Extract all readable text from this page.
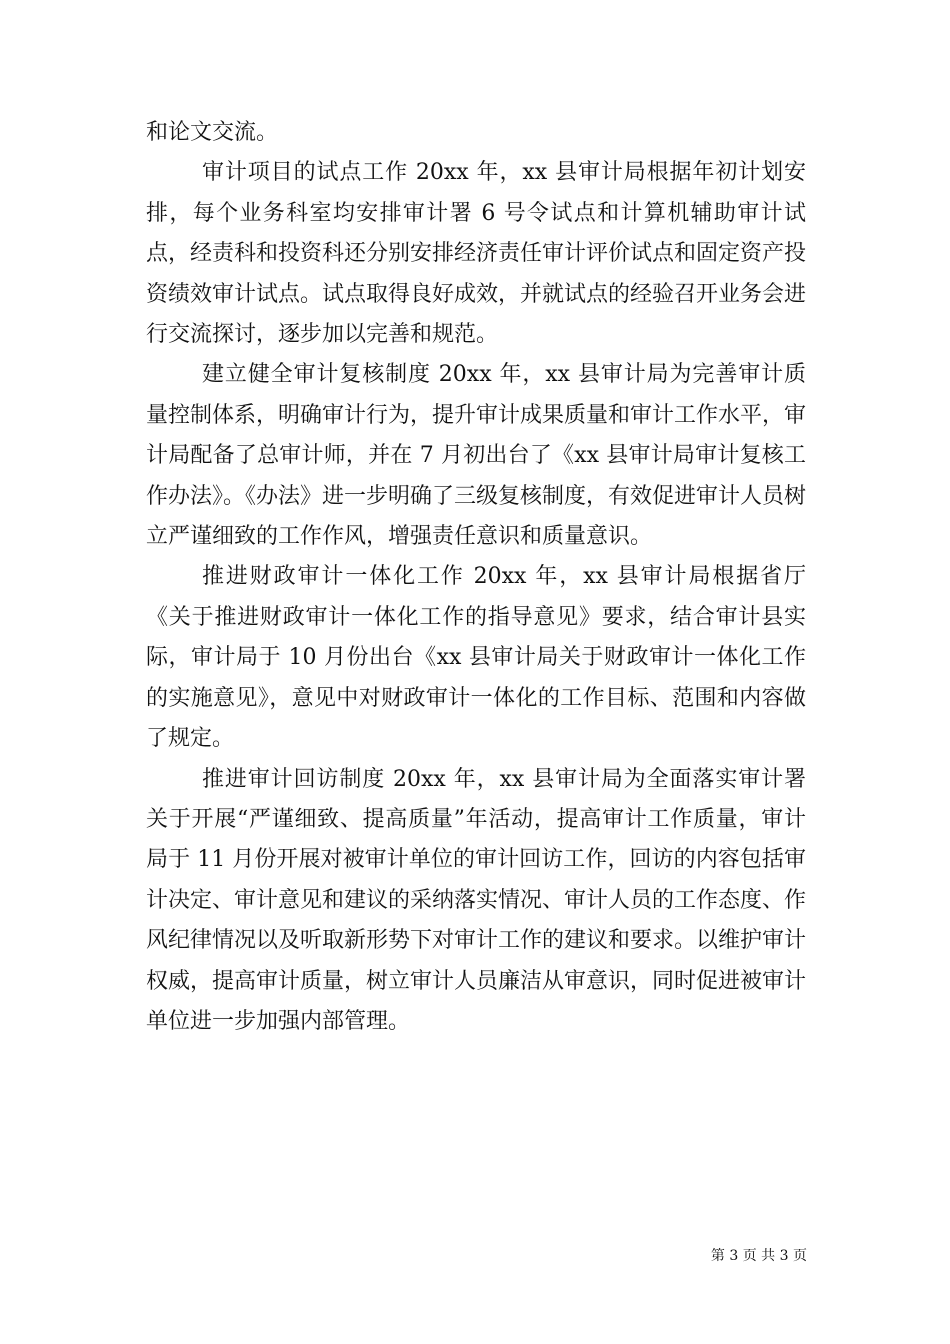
和论文交流。

审计项目的试点工作 20xx 年，xx 县审计局根据年初计划安排，每个业务科室均安排审计署 6 号令试点和计算机辅助审计试点，经责科和投资科还分别安排经济责任审计评价试点和固定资产投资绩效审计试点。试点取得良好成效，并就试点的经验召开业务会进行交流探讨，逐步加以完善和规范。

建立健全审计复核制度 20xx 年，xx 县审计局为完善审计质量控制体系，明确审计行为，提升审计成果质量和审计工作水平，审计局配备了总审计师，并在 7 月初出台了《xx 县审计局审计复核工作办法》。《办法》进一步明确了三级复核制度，有效促进审计人员树立严谨细致的工作作风，增强责任意识和质量意识。

推进财政审计一体化工作 20xx 年，xx 县审计局根据省厅《关于推进财政审计一体化工作的指导意见》要求，结合审计县实际，审计局于 10 月份出台《xx 县审计局关于财政审计一体化工作的实施意见》，意见中对财政审计一体化的工作目标、范围和内容做了规定。

推进审计回访制度 20xx 年，xx 县审计局为全面落实审计署关于开展“严谨细致、提高质量”年活动，提高审计工作质量，审计局于 11 月份开展对被审计单位的审计回访工作，回访的内容包括审计决定、审计意见和建议的采纳落实情况、审计人员的工作态度、作风纪律情况以及听取新形势下对审计工作的建议和要求。以维护审计权威，提高审计质量，树立审计人员廉洁从审意识，同时促进被审计单位进一步加强内部管理。

第 3 页 共 3 页
